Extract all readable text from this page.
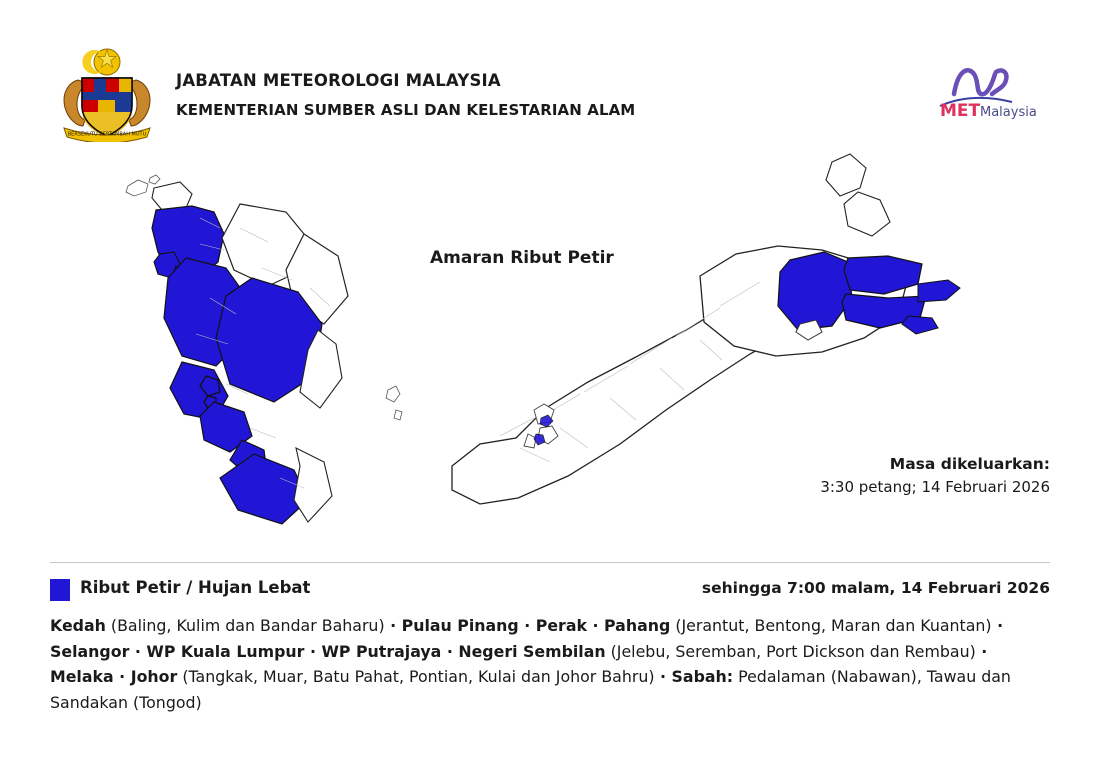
BERSEKUTU BERTAMBAH MUTU
JABATAN METEOROLOGI MALAYSIA
KEMENTERIAN SUMBER ASLI DAN KELESTARIAN ALAM	MET Malaysia
Amaran Ribut Petir
Masa dikeluarkan:
3:30 petang; 14 Februari 2026
Ribut Petir / Hujan Lebat	sehingga 7:00 malam, 14 Februari 2026
Kedah (Baling, Kulim dan Bandar Baharu) · Pulau Pinang · Perak · Pahang (Jerantut, Bentong, Maran dan Kuantan) · Selangor · WP Kuala Lumpur · WP Putrajaya · Negeri Sembilan (Jelebu, Seremban, Port Dickson dan Rembau) · Melaka · Johor (Tangkak, Muar, Batu Pahat, Pontian, Kulai dan Johor Bahru) · Sabah: Pedalaman (Nabawan), Tawau dan Sandakan (Tongod)
